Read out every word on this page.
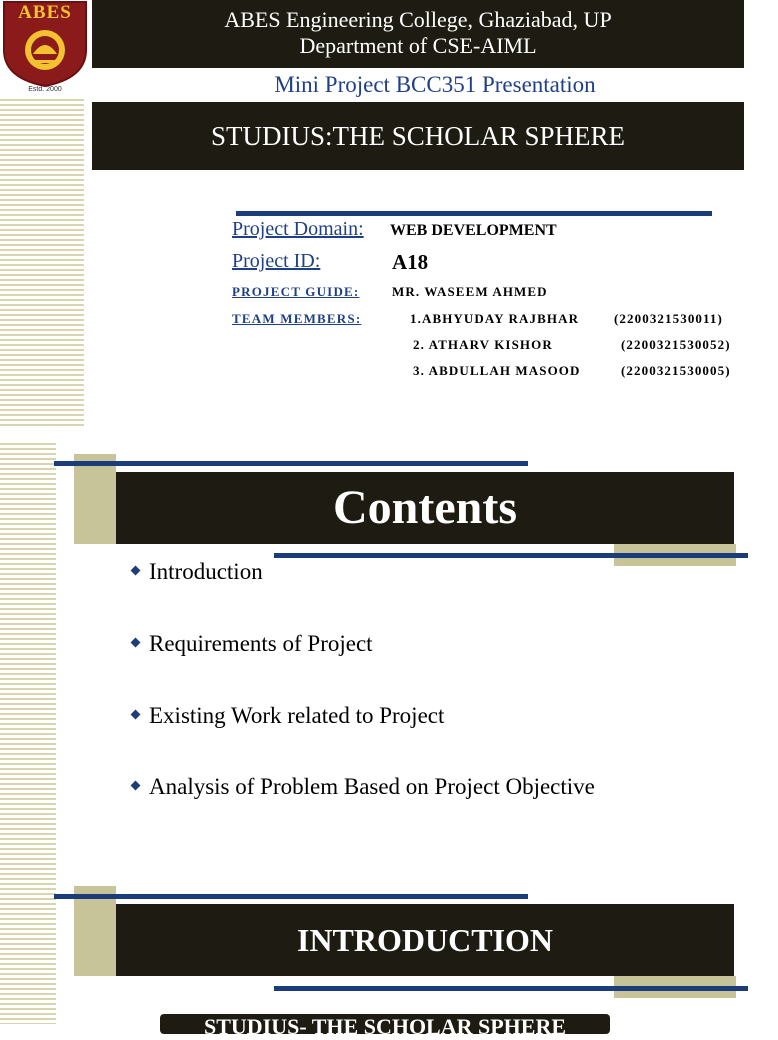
ABES
Estd. 2000
ABES Engineering College, Ghaziabad, UP
Department of CSE-AIML
Mini Project BCC351 Presentation
STUDIUS:THE SCHOLAR SPHERE
Project Domain: WEB DEVELOPMENT
Project ID:	A18
PROJECT GUIDE:	MR. WASEEM AHMED
TEAM MEMBERS:	1.ABHYUDAY RAJBHAR	(2200321530011)
2. ATHARV KISHOR	(2200321530052)
3. ABDULLAH MASOOD	(2200321530005)
Contents
Introduction
Requirements of Project
Existing Work related to Project
Analysis of Problem Based on Project Objective
INTRODUCTION
STUDIUS- THE SCHOLAR SPHERE
